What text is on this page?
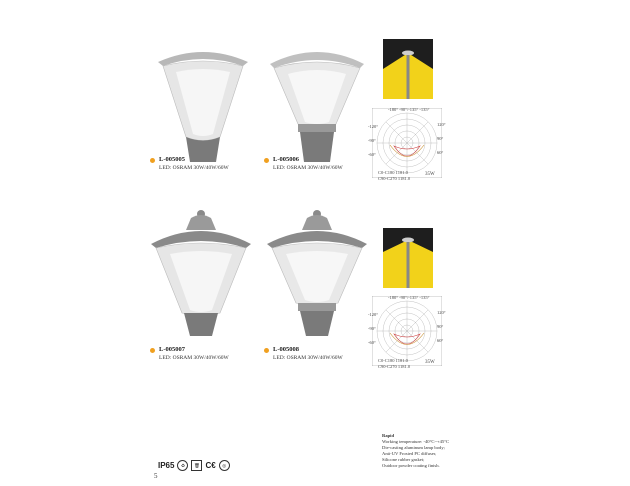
L-005005
LED: OSRAM 30W/40W/60W
L-005006
LED: OSRAM 30W/40W/60W
L-005007
LED: OSRAM 30W/40W/60W
L-005008
LED: OSRAM 30W/40W/60W
-180° -90°/-135° -135°
-120°
-90°
-60°
120°
90°
60°
C0-C180 1181.0
C90-C270 1181.0
35W
-180° -90°/-135° -135°
-120°
-90°
-60°
120°
90°
60°
C0-C180 1181.0
C90-C270 1181.0
35W
Rapid
Working temperature: -40°C~+45°C
Die-casting aluminum lamp body;
Anti-UV Frosted PC diffuser,
Silicone rubber gasket;
Outdoor powder coating finish.
IP65	♻	🗑 C€	◎
5
